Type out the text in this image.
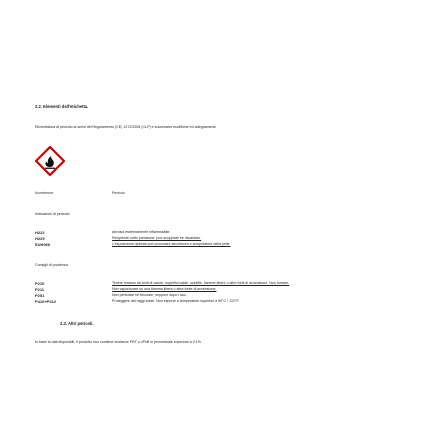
2.2. Elementi dell'etichetta.
Etichettatura di pericolo ai sensi del Regolamento (CE) 1272/2008 (CLP) e successive modifiche ed adeguamenti.
Avvertenze:	Pericolo
Indicazioni di pericolo:
H222
H229
EUH066
Aerosol estremamente infiammabile.
Recipiente sotto pressione: può scoppiare se riscaldato.
L'esposizione ripetuta può provocare secchezza e screpolature della pelle.
Consigli di prudenza:
P210
P211
P251
P410+P412
Tenere lontano da fonti di calore, superfici calde, scintille, fiamme libere o altre fonti di accensione. Non fumare.
Non vaporizzare su una fiamma libera o altra fonte di accensione.
Non perforare né bruciare, neppure dopo l'uso.
Proteggere dai raggi solari. Non esporre a temperature superiori a 50°C / 122°F.
2.3. Altri pericoli.
In base ai dati disponibili, il prodotto non contiene sostanze PBT o vPvB in percentuale superiore a 0,1%.
